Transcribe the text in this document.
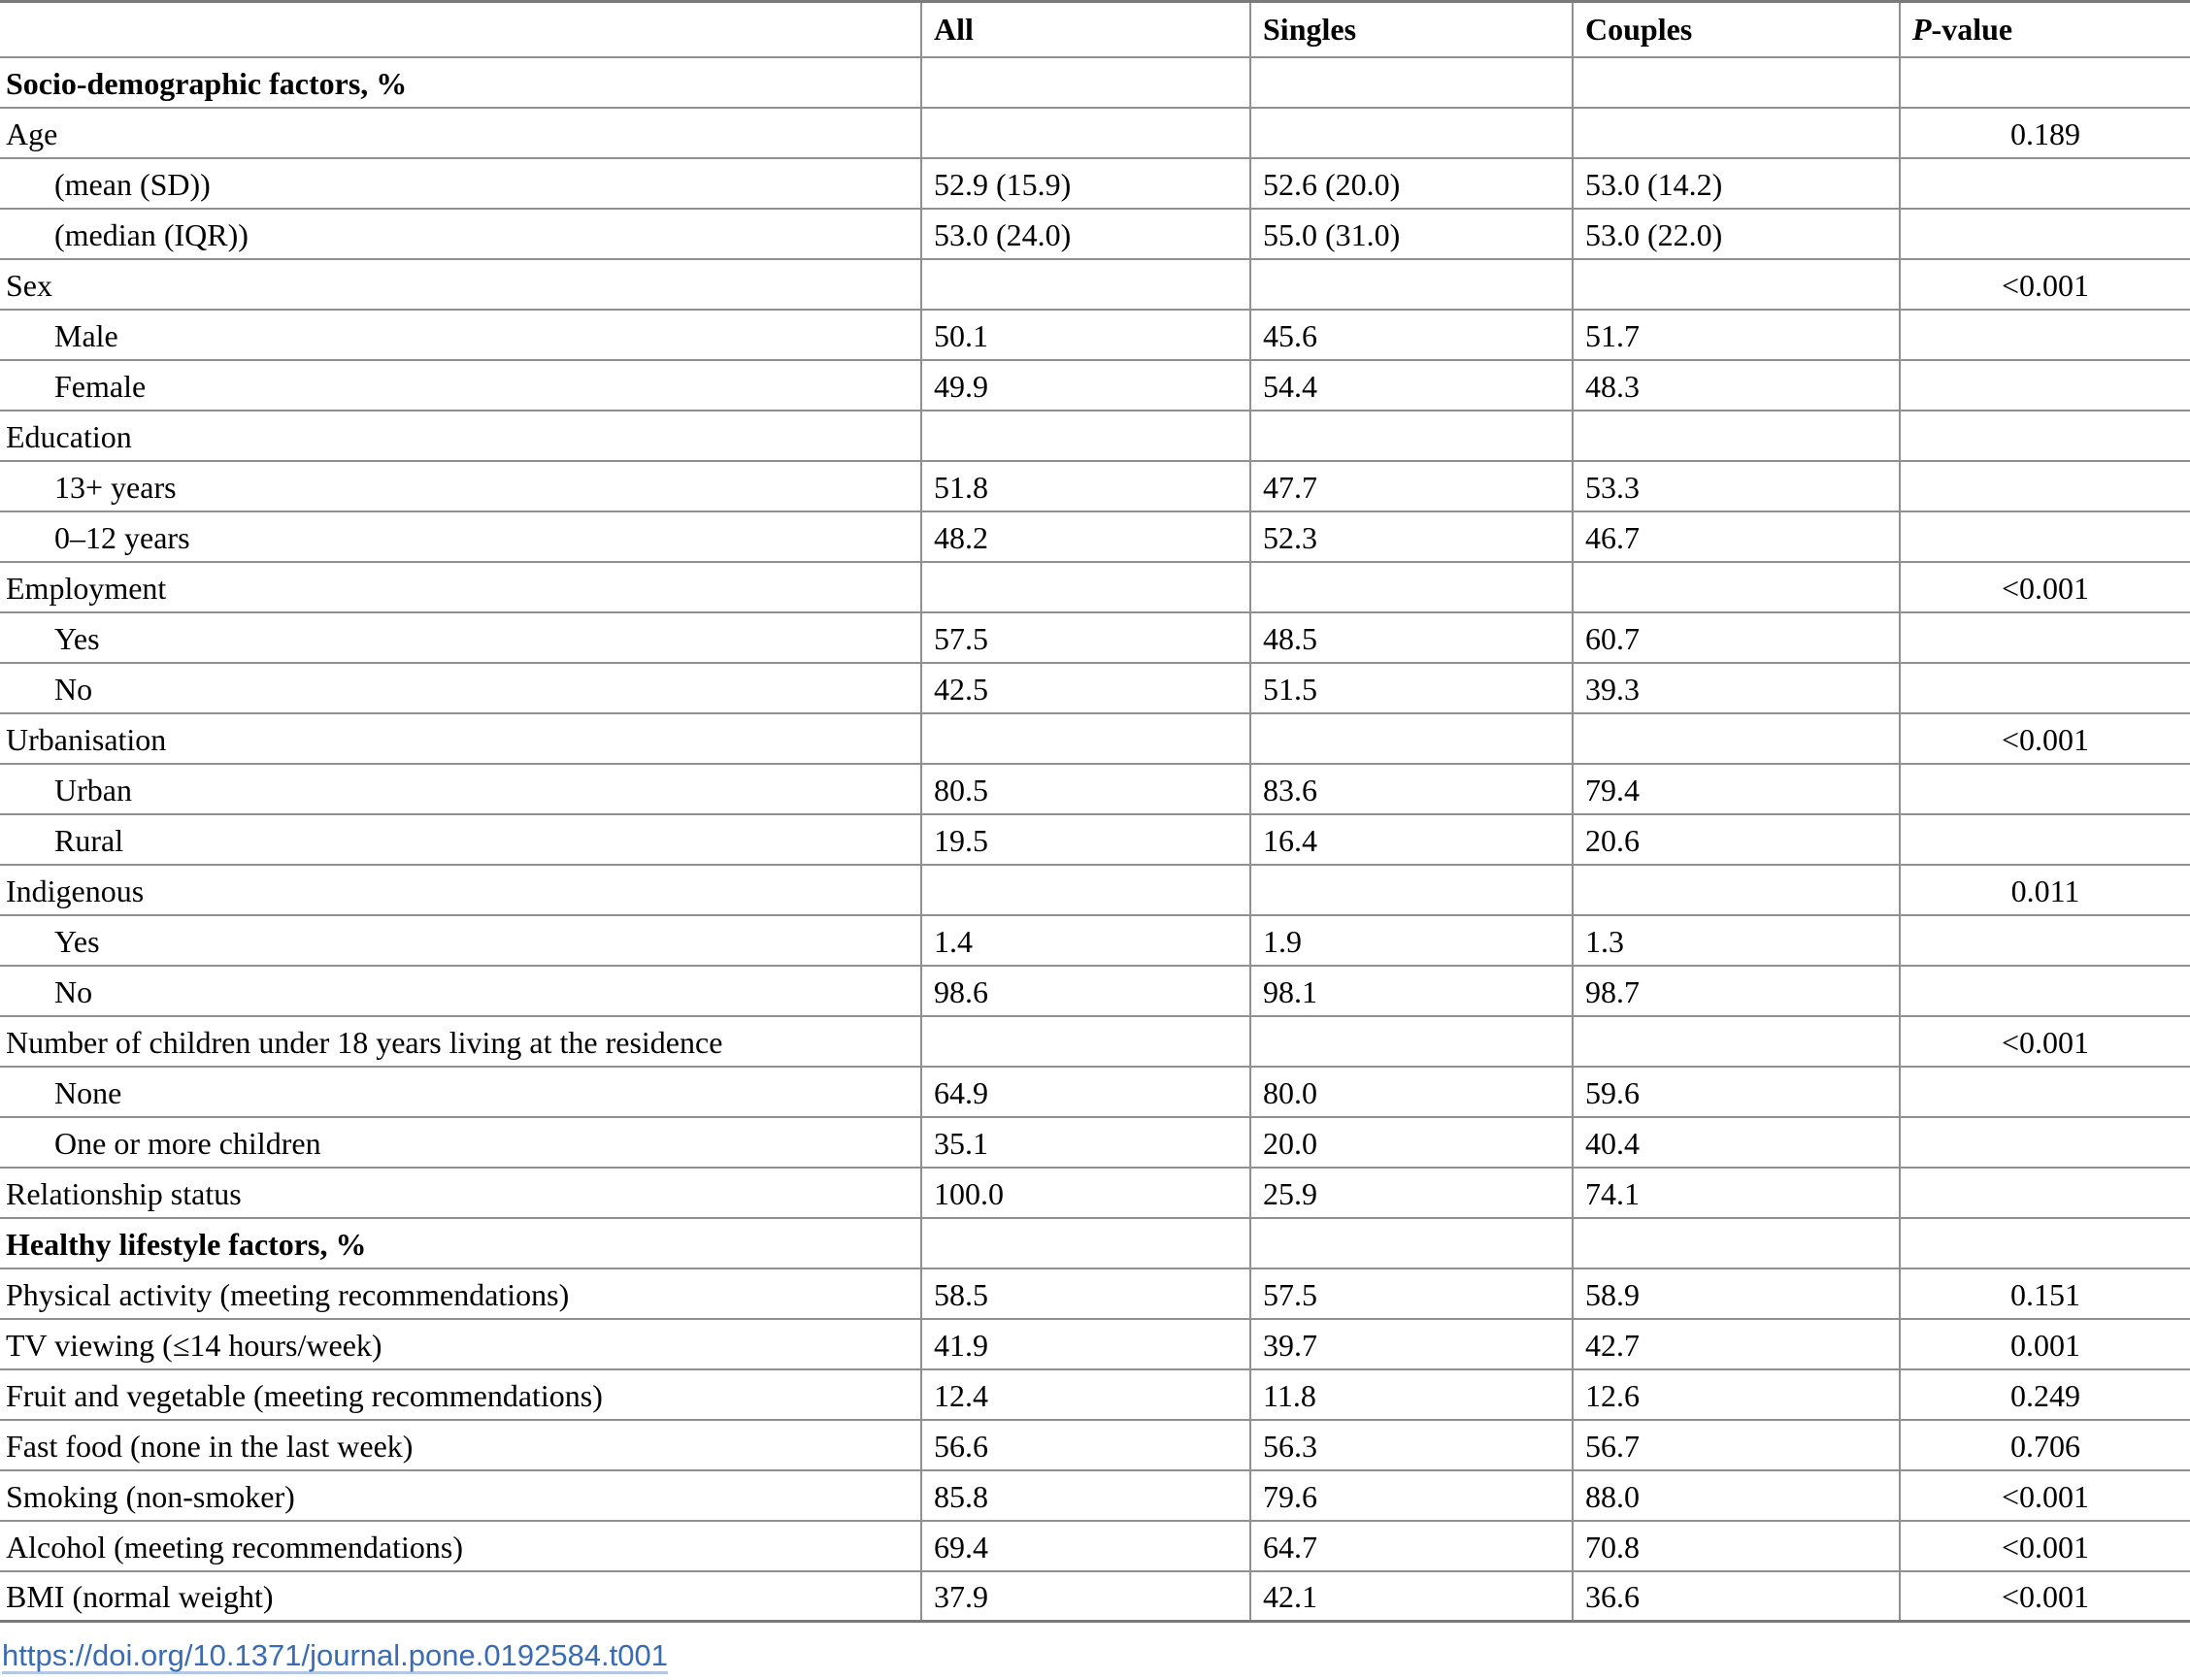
	All	Singles	Couples	P-value
Socio-demographic factors, %				
Age				0.189
(mean (SD))	52.9 (15.9)	52.6 (20.0)	53.0 (14.2)	
(median (IQR))	53.0 (24.0)	55.0 (31.0)	53.0 (22.0)	
Sex				<0.001
Male	50.1	45.6	51.7	
Female	49.9	54.4	48.3	
Education				
13+ years	51.8	47.7	53.3	
0–12 years	48.2	52.3	46.7	
Employment				<0.001
Yes	57.5	48.5	60.7	
No	42.5	51.5	39.3	
Urbanisation				<0.001
Urban	80.5	83.6	79.4	
Rural	19.5	16.4	20.6	
Indigenous				0.011
Yes	1.4	1.9	1.3	
No	98.6	98.1	98.7	
Number of children under 18 years living at the residence				<0.001
None	64.9	80.0	59.6	
One or more children	35.1	20.0	40.4	
Relationship status	100.0	25.9	74.1	
Healthy lifestyle factors, %				
Physical activity (meeting recommendations)	58.5	57.5	58.9	0.151
TV viewing (≤14 hours/week)	41.9	39.7	42.7	0.001
Fruit and vegetable (meeting recommendations)	12.4	11.8	12.6	0.249
Fast food (none in the last week)	56.6	56.3	56.7	0.706
Smoking (non-smoker)	85.8	79.6	88.0	<0.001
Alcohol (meeting recommendations)	69.4	64.7	70.8	<0.001
BMI (normal weight)	37.9	42.1	36.6	<0.001
https://doi.org/10.1371/journal.pone.0192584.t001
